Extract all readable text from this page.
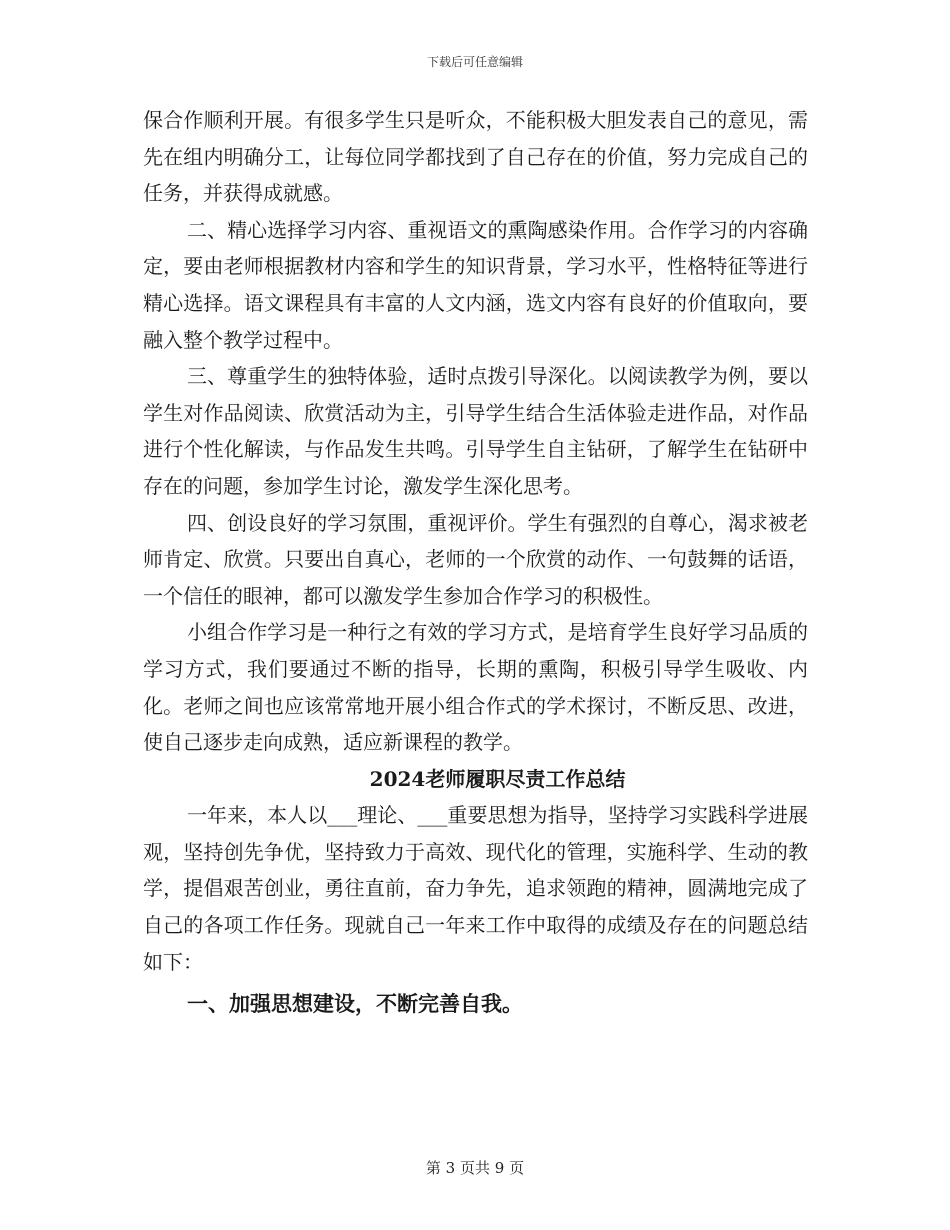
下载后可任意编辑

保合作顺利开展。有很多学生只是听众，不能积极大胆发表自己的意见，需先在组内明确分工，让每位同学都找到了自己存在的价值，努力完成自己的任务，并获得成就感。

二、精心选择学习内容、重视语文的熏陶感染作用。合作学习的内容确定，要由老师根据教材内容和学生的知识背景，学习水平，性格特征等进行精心选择。语文课程具有丰富的人文内涵，选文内容有良好的价值取向，要融入整个教学过程中。

三、尊重学生的独特体验，适时点拨引导深化。以阅读教学为例，要以学生对作品阅读、欣赏活动为主，引导学生结合生活体验走进作品，对作品进行个性化解读，与作品发生共鸣。引导学生自主钻研，了解学生在钻研中存在的问题，参加学生讨论，激发学生深化思考。

四、创设良好的学习氛围，重视评价。学生有强烈的自尊心，渴求被老师肯定、欣赏。只要出自真心，老师的一个欣赏的动作、一句鼓舞的话语，一个信任的眼神，都可以激发学生参加合作学习的积极性。

小组合作学习是一种行之有效的学习方式，是培育学生良好学习品质的学习方式，我们要通过不断的指导，长期的熏陶，积极引导学生吸收、内化。老师之间也应该常常地开展小组合作式的学术探讨，不断反思、改进，使自己逐步走向成熟，适应新课程的教学。

2024老师履职尽责工作总结

一年来，本人以___理论、___重要思想为指导，坚持学习实践科学进展观，坚持创先争优，坚持致力于高效、现代化的管理，实施科学、生动的教学，提倡艰苦创业，勇往直前，奋力争先，追求领跑的精神，圆满地完成了自己的各项工作任务。现就自己一年来工作中取得的成绩及存在的问题总结如下：

一、加强思想建设，不断完善自我。

第 3 页共 9 页
